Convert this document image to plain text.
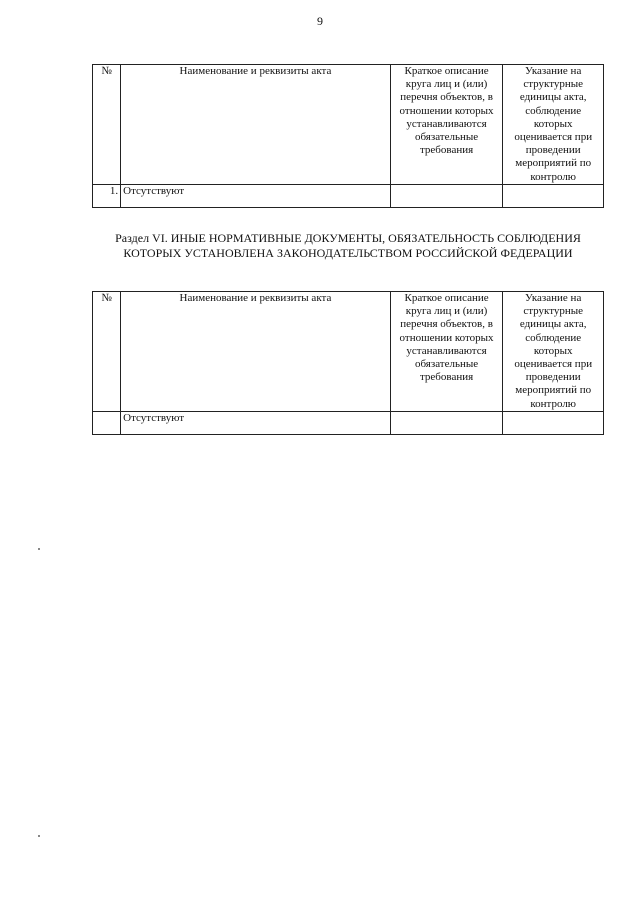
9
№	Наименование и реквизиты акта	Краткое описание круга лиц и (или) перечня объектов, в отношении которых устанавливаются обязательные требования	Указание на структурные единицы акта, соблюдение которых оценивается при проведении мероприятий по контролю
1.	Отсутствуют		
Раздел VI. ИНЫЕ НОРМАТИВНЫЕ ДОКУМЕНТЫ, ОБЯЗАТЕЛЬНОСТЬ СОБЛЮДЕНИЯ КОТОРЫХ УСТАНОВЛЕНА ЗАКОНОДАТЕЛЬСТВОМ РОССИЙСКОЙ ФЕДЕРАЦИИ
№	Наименование и реквизиты акта	Краткое описание круга лиц и (или) перечня объектов, в отношении которых устанавливаются обязательные требования	Указание на структурные единицы акта, соблюдение которых оценивается при проведении мероприятий по контролю
	Отсутствуют		
